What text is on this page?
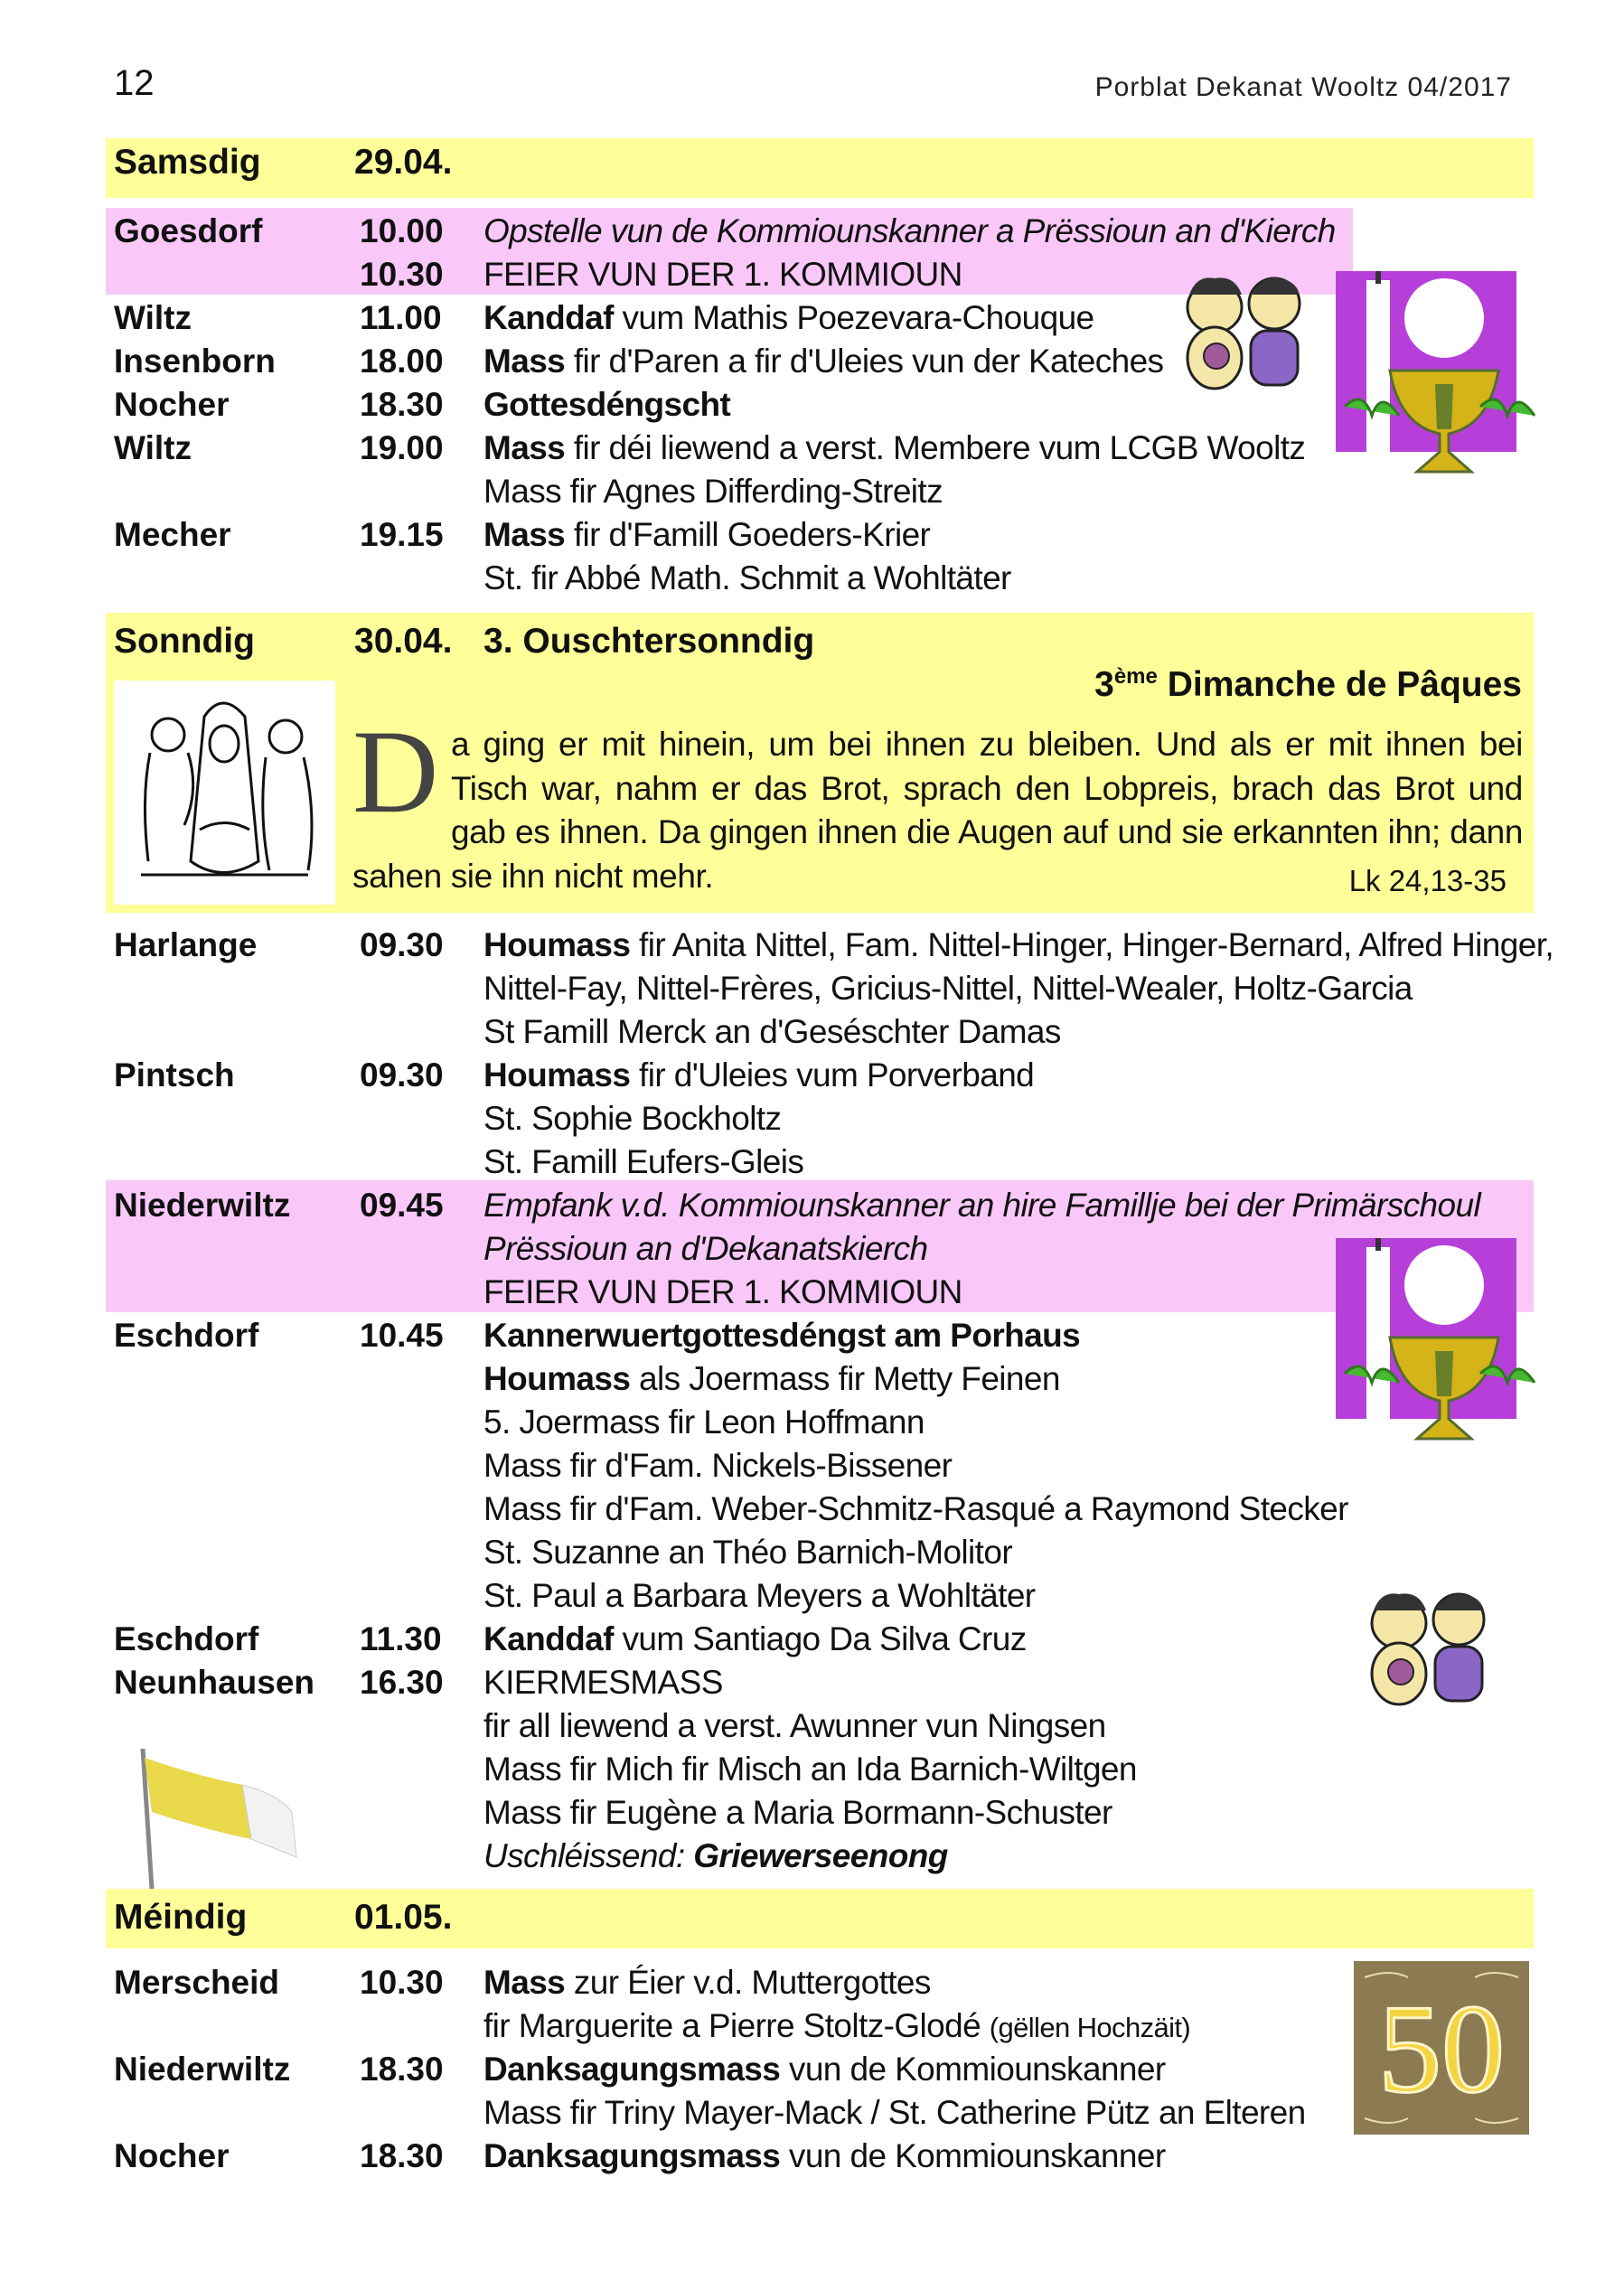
12	Porblat Dekanat Wooltz 04/2017
Samsdig	29.04.
Goesdorf	10.00 Opstelle vun de Kommiounskanner a Prëssioun an d'Kierch
10.30 FEIER VUN DER 1. KOMMIOUN
Wiltz	11.00 Kanddaf vum Mathis Poezevara-Chouque
Insenborn	18.00 Mass fir d'Paren a fir d'Uleies vun der Kateches
Nocher	18.30 Gottesdéngscht
Wiltz	19.00 Mass fir déi liewend a verst. Membere vum LCGB Wooltz
Mass fir Agnes Differding-Streitz
Mecher	19.15 Mass fir d'Famill Goeders-Krier
St. fir Abbé Math. Schmit a Wohltäter
Sonndig	30.04. 3. Ouschtersonndig
3ème Dimanche de Pâques
Da ging er mit hinein, um bei ihnen zu bleiben. Und als er mit ihnen bei Tisch war, nahm er das Brot, sprach den Lobpreis, brach das Brot und gab es ihnen. Da gingen ihnen die Augen auf und sie erkannten ihn; dann sahen sie ihn nicht mehr.	Lk 24,13-35
Harlange	09.30 Houmass fir Anita Nittel, Fam. Nittel-Hinger, Hinger-Bernard, Alfred Hinger,
Nittel-Fay, Nittel-Frères, Gricius-Nittel, Nittel-Wealer, Holtz-Garcia
St Famill Merck an d'Geséschter Damas
Pintsch	09.30 Houmass fir d'Uleies vum Porverband
St. Sophie Bockholtz
St. Famill Eufers-Gleis
Niederwiltz 09.45 Empfank v.d. Kommiounskanner an hire Famillje bei der Primärschoul
Prëssioun an d'Dekanatskierch
FEIER VUN DER 1. KOMMIOUN
Eschdorf	10.45 Kannerwuertgottesdéngst am Porhaus
Houmass als Joermass fir Metty Feinen
5. Joermass fir Leon Hoffmann
Mass fir d'Fam. Nickels-Bissener
Mass fir d'Fam. Weber-Schmitz-Rasqué a Raymond Stecker
St. Suzanne an Théo Barnich-Molitor
St. Paul a Barbara Meyers a Wohltäter
Eschdorf	11.30 Kanddaf vum Santiago Da Silva Cruz
Neunhausen 16.30 KIERMESMASS
fir all liewend a verst. Awunner vun Ningsen
Mass fir Mich fir Misch an Ida Barnich-Wiltgen
Mass fir Eugène a Maria Bormann-Schuster
Uschléissend: Griewerseenong
Méindig	01.05.
Merscheid 10.30 Mass zur Éier v.d. Muttergottes
fir Marguerite a Pierre Stoltz-Glodé (gëllen Hochzäit)
Niederwiltz 18.30 Danksagungsmass vun de Kommiounskanner
Mass fir Triny Mayer-Mack / St. Catherine Pütz an Elteren
Nocher	18.30 Danksagungsmass vun de Kommiounskanner
50
